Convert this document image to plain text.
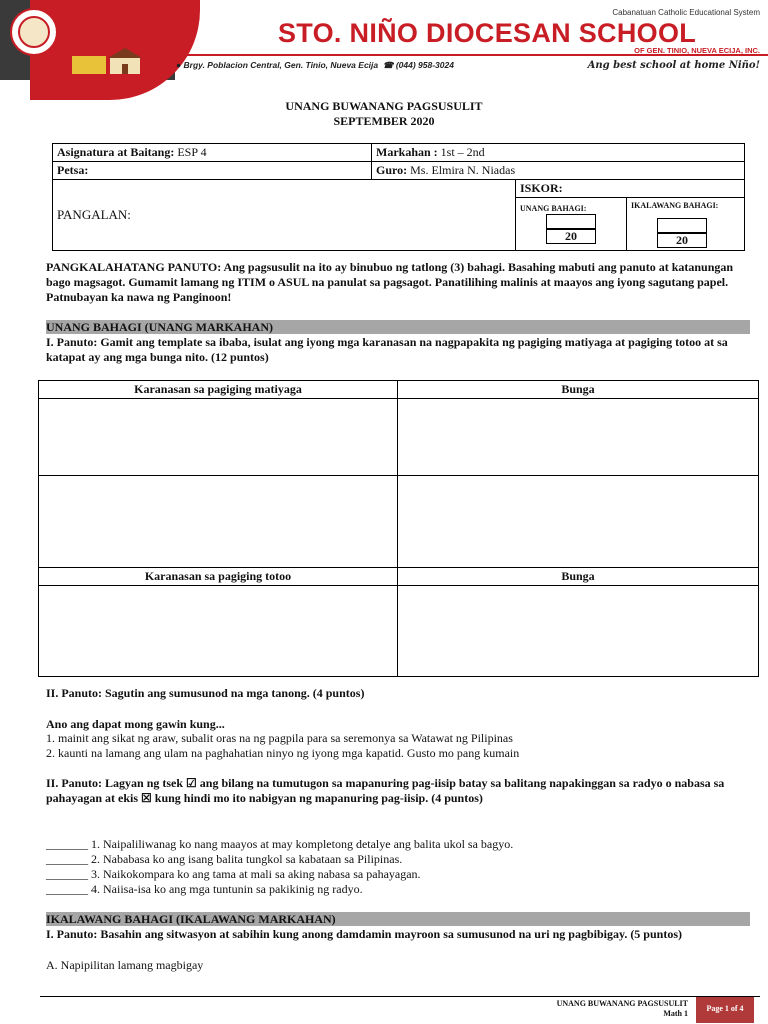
Cabanatuan Catholic Educational System
STO. NIÑO DIOCESAN SCHOOL
OF GEN. TINIO, NUEVA ECIJA, INC.
● Brgy. Poblacion Central, Gen. Tinio, Nueva Ecija ☎ (044) 958-3024	Ang best school at home Niño!
UNANG BUWANANG PAGSUSULIT
SEPTEMBER 2020
Asignatura at Baitang: ESP 4	Markahan : 1st – 2nd	
Petsa:	Guro: Ms. Elmira N. Niadas	
PANGALAN:		ISKOR:

		UNANG BAHAGI:
20
IKALAWANG BAHAGI:
20
PANGKALAHATANG PANUTO: Ang pagsusulit na ito ay binubuo ng tatlong (3) bahagi. Basahing mabuti ang panuto at katanungan bago magsagot. Gumamit lamang ng ITIM o ASUL na panulat sa pagsagot. Panatilihing malinis at maayos ang iyong sagutang papel. Patnubayan ka nawa ng Panginoon!
UNANG BAHAGI (UNANG MARKAHAN)
I. Panuto: Gamit ang template sa ibaba, isulat ang iyong mga karanasan na nagpapakita ng pagiging matiyaga at pagiging totoo at sa katapat ay ang mga bunga nito. (12 puntos)
Karanasan sa pagiging matiyaga	Bunga

Karanasan sa pagiging totoo	Bunga

II. Panuto: Sagutin ang sumusunod na mga tanong. (4 puntos)
Ano ang dapat mong gawin kung...
1. mainit ang sikat ng araw, subalit oras na ng pagpila para sa seremonya sa Watawat ng Pilipinas
2. kaunti na lamang ang ulam na paghahatian ninyo ng iyong mga kapatid. Gusto mo pang kumain
II. Panuto: Lagyan ng tsek ☑ ang bilang na tumutugon sa mapanuring pag-iisip batay sa balitang napakinggan sa radyo o nabasa sa pahayagan at ekis ☒ kung hindi mo ito nabigyan ng mapanuring pag-iisip. (4 puntos)
_______ 1. Naipaliliwanag ko nang maayos at may kompletong detalye ang balita ukol sa bagyo.
_______ 2. Nababasa ko ang isang balita tungkol sa kabataan sa Pilipinas.
_______ 3. Naikokompara ko ang tama at mali sa aking nabasa sa pahayagan.
_______ 4. Naiisa-isa ko ang mga tuntunin sa pakikinig ng radyo.
IKALAWANG BAHAGI (IKALAWANG MARKAHAN)
I. Panuto: Basahin ang sitwasyon at sabihin kung anong damdamin mayroon sa sumusunod na uri ng pagbibigay. (5 puntos)
A. Napipilitan lamang magbigay
UNANG BUWANANG PAGSUSULIT
Math 1
Page 1 of 4
